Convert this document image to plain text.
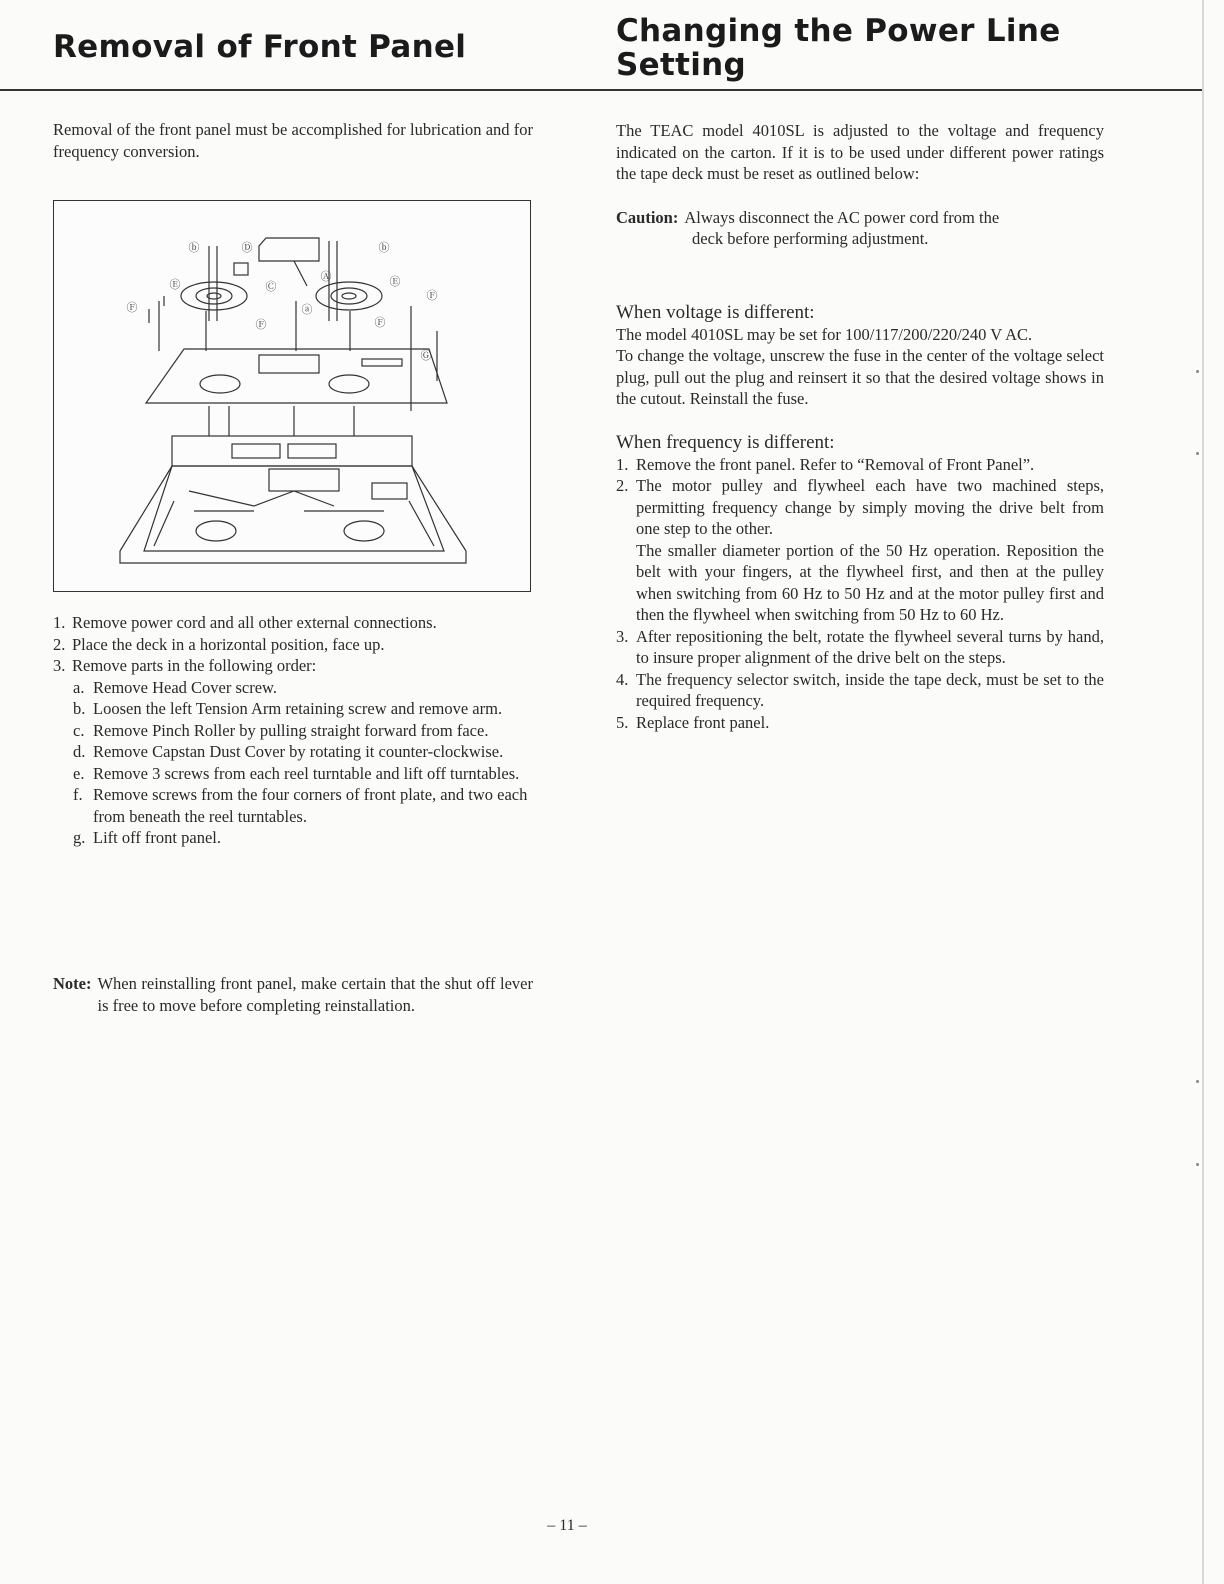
Removal of Front Panel	Changing the Power Line Setting

Removal of the front panel must be accomplished for lubrication and for frequency conversion.

ⓑ	Ⓓ	ⓑ
Ⓒ
Ⓐ
Ⓔ	Ⓔ
Ⓕ
Ⓕ
ⓐ
Ⓕ	Ⓕ
Ⓖ
1. Remove power cord and all other external connections.
2. Place the deck in a horizontal position, face up.
3. Remove parts in the following order:
a. Remove Head Cover screw.
b. Loosen the left Tension Arm retaining screw and remove arm.
c. Remove Pinch Roller by pulling straight forward from face.
d. Remove Capstan Dust Cover by rotating it counter-clockwise.
e. Remove 3 screws from each reel turntable and lift off turntables.
f. Remove screws from the four corners of front plate, and two each from beneath the reel turntables.
g. Lift off front panel.
Note: When reinstalling front panel, make certain that the shut off lever is free to move before completing reinstallation.

The TEAC model 4010SL is adjusted to the voltage and frequency indicated on the carton. If it is to be used under different power ratings the tape deck must be reset as outlined below:

Caution: Always disconnect the AC power cord from the
deck before performing adjustment.
When voltage is different:

The model 4010SL may be set for 100/117/200/220/240 V AC.

To change the voltage, unscrew the fuse in the center of the voltage select plug, pull out the plug and reinsert it so that the desired voltage shows in the cutout. Reinstall the fuse.

When frequency is different:
1. Remove the front panel. Refer to “Removal of Front Panel”.
2. The motor pulley and flywheel each have two machined steps, permitting frequency change by simply moving the drive belt from one step to the other.
The smaller diameter portion of the 50 Hz operation. Reposition the belt with your fingers, at the flywheel first, and then at the pulley when switching from 60 Hz to 50 Hz and at the motor pulley first and then the flywheel when switching from 50 Hz to 60 Hz.
3. After repositioning the belt, rotate the flywheel several turns by hand, to insure proper alignment of the drive belt on the steps.
4. The frequency selector switch, inside the tape deck, must be set to the required frequency.
5. Replace front panel.
– 11 –
